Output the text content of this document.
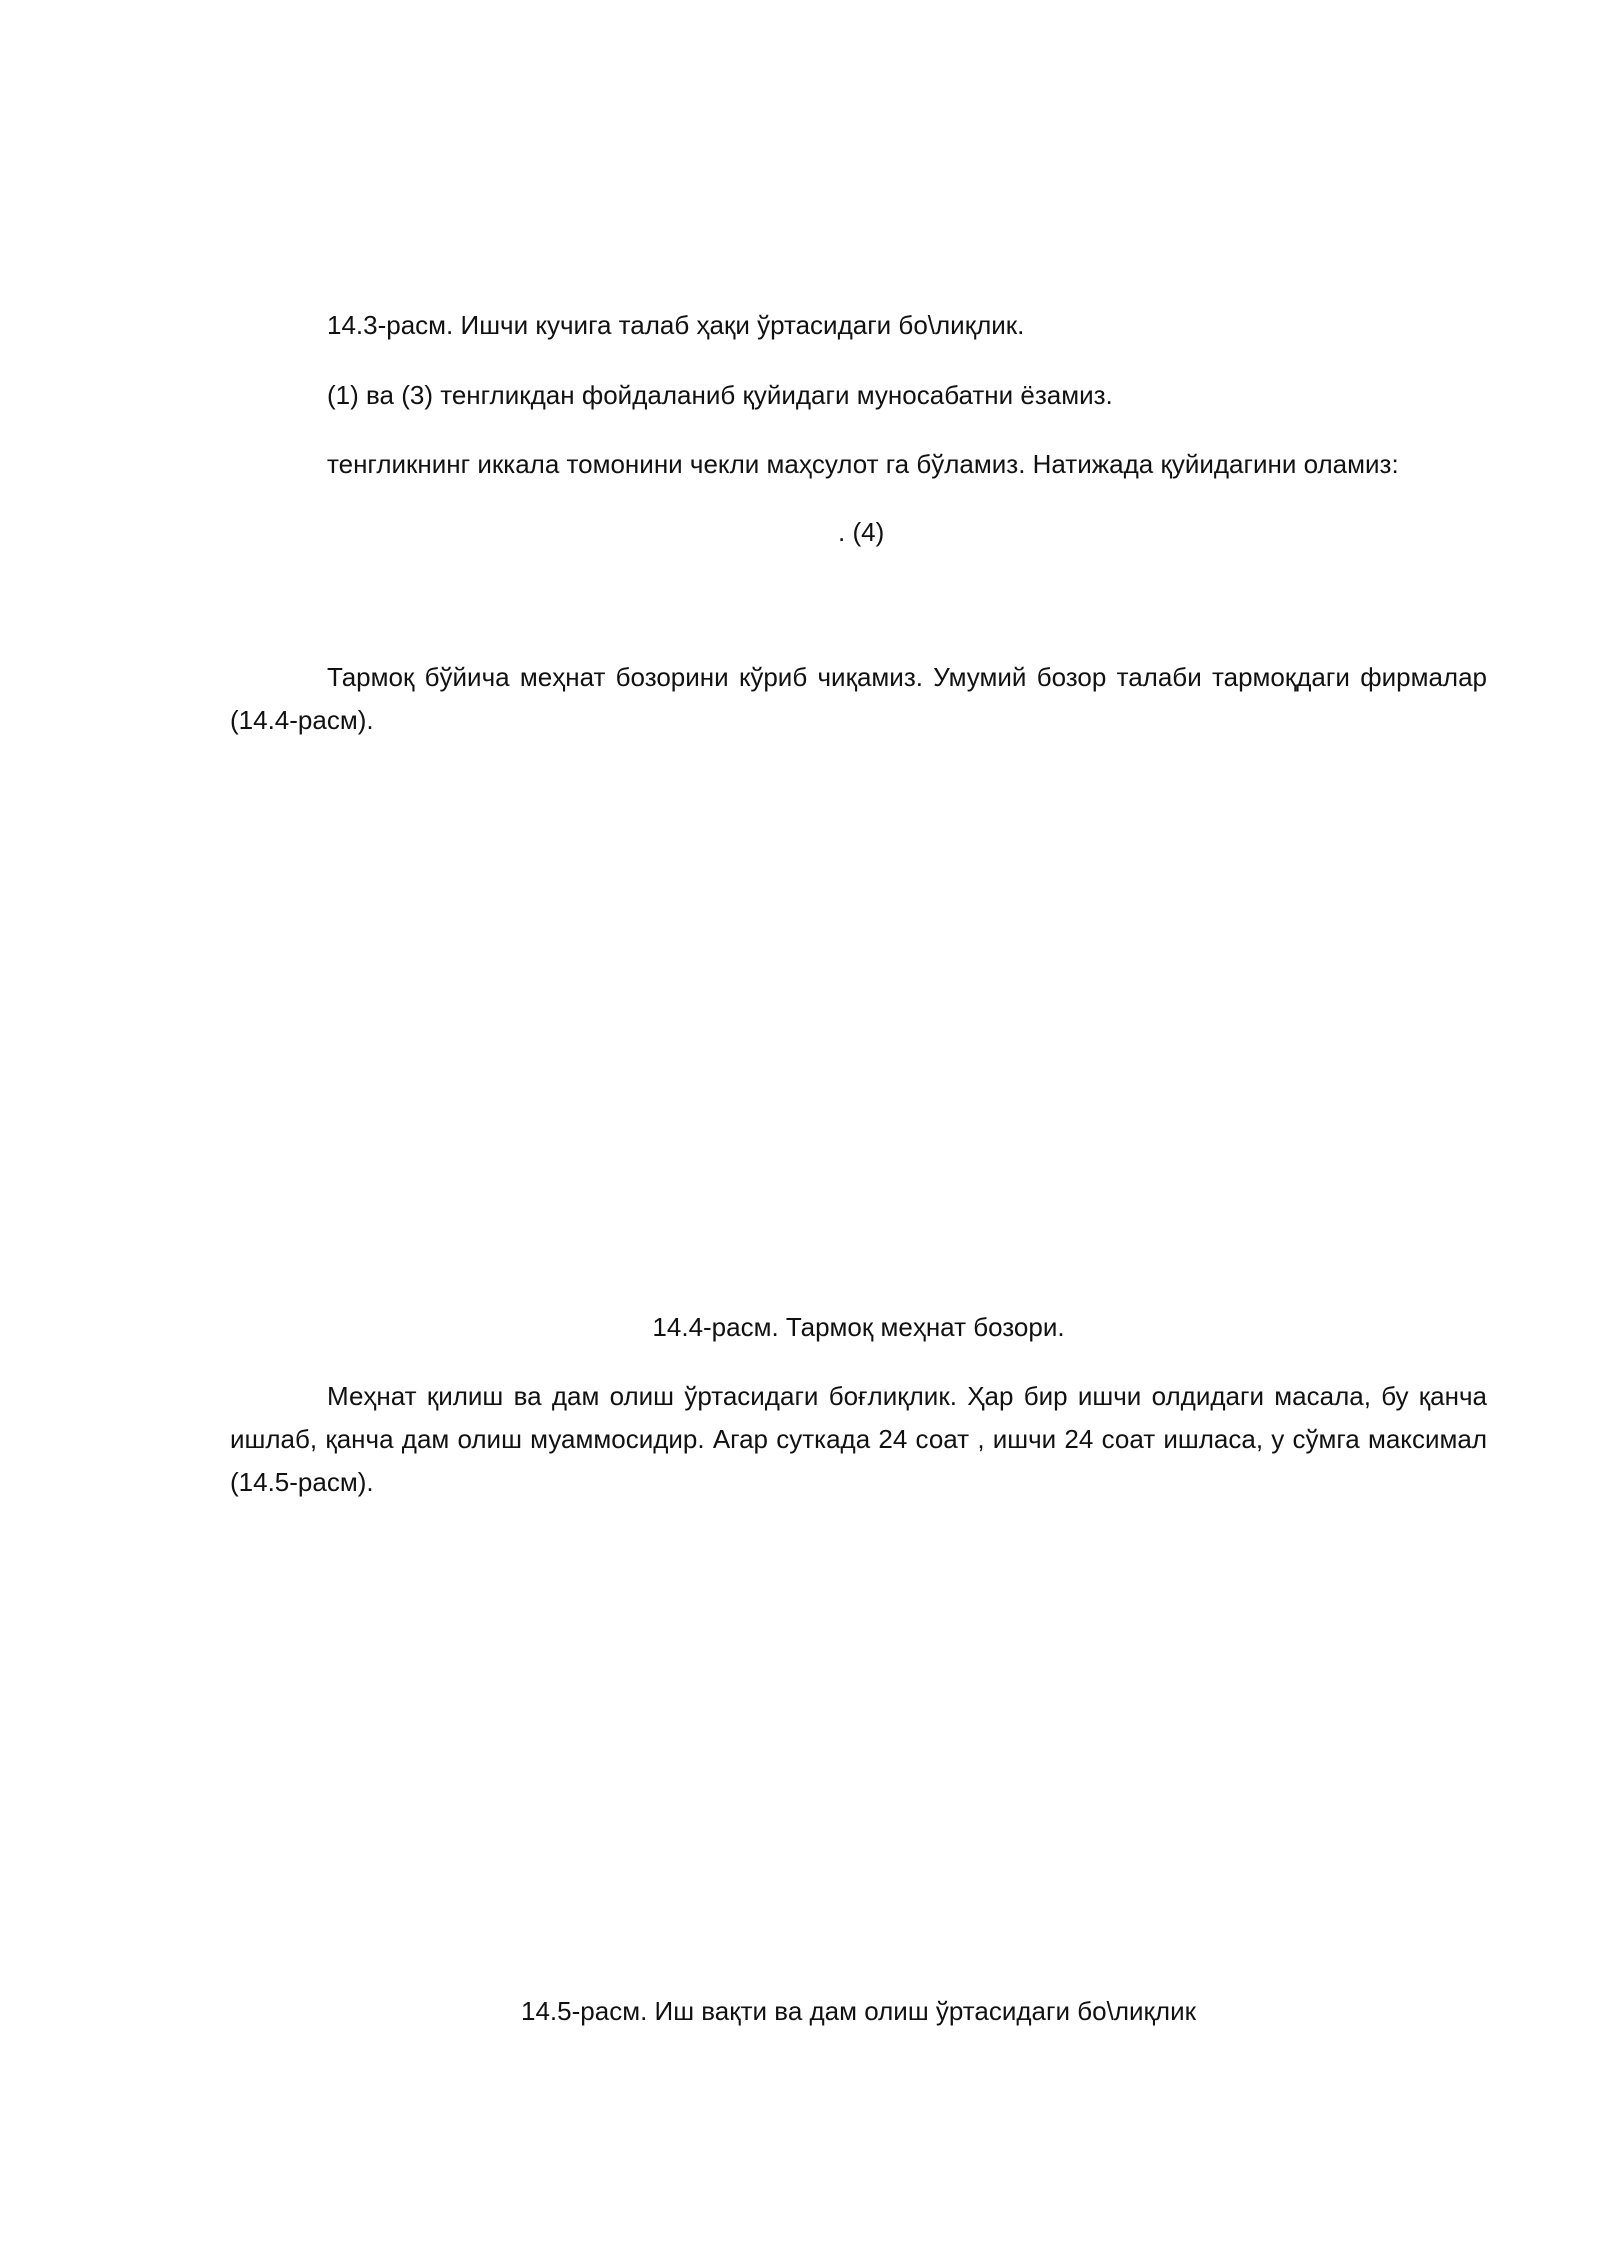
14.3-расм. Ишчи кучига талаб ҳақи ўртасидаги бо\лиқлик.

(1) ва (3) тенгликдан фойдаланиб қуйидаги муносабатни ёзамиз.

тенгликнинг иккала томонини чекли маҳсулот га бўламиз. Натижада қуйидагини оламиз:

. (4)

Тармоқ бўйича меҳнат бозорини кўриб чиқамиз. Умумий бозор талаби тармоқдаги фирмалар (14.4-расм).

14.4-расм. Тармоқ меҳнат бозори.

Меҳнат қилиш ва дам олиш ўртасидаги боғлиқлик. Ҳар бир ишчи олдидаги масала, бу қанча ишлаб, қанча дам олиш муаммосидир. Агар суткада 24 соат , ишчи 24 соат ишласа, у сўмга максимал (14.5-расм).

14.5-расм. Иш вақти ва дам олиш ўртасидаги бо\лиқлик
